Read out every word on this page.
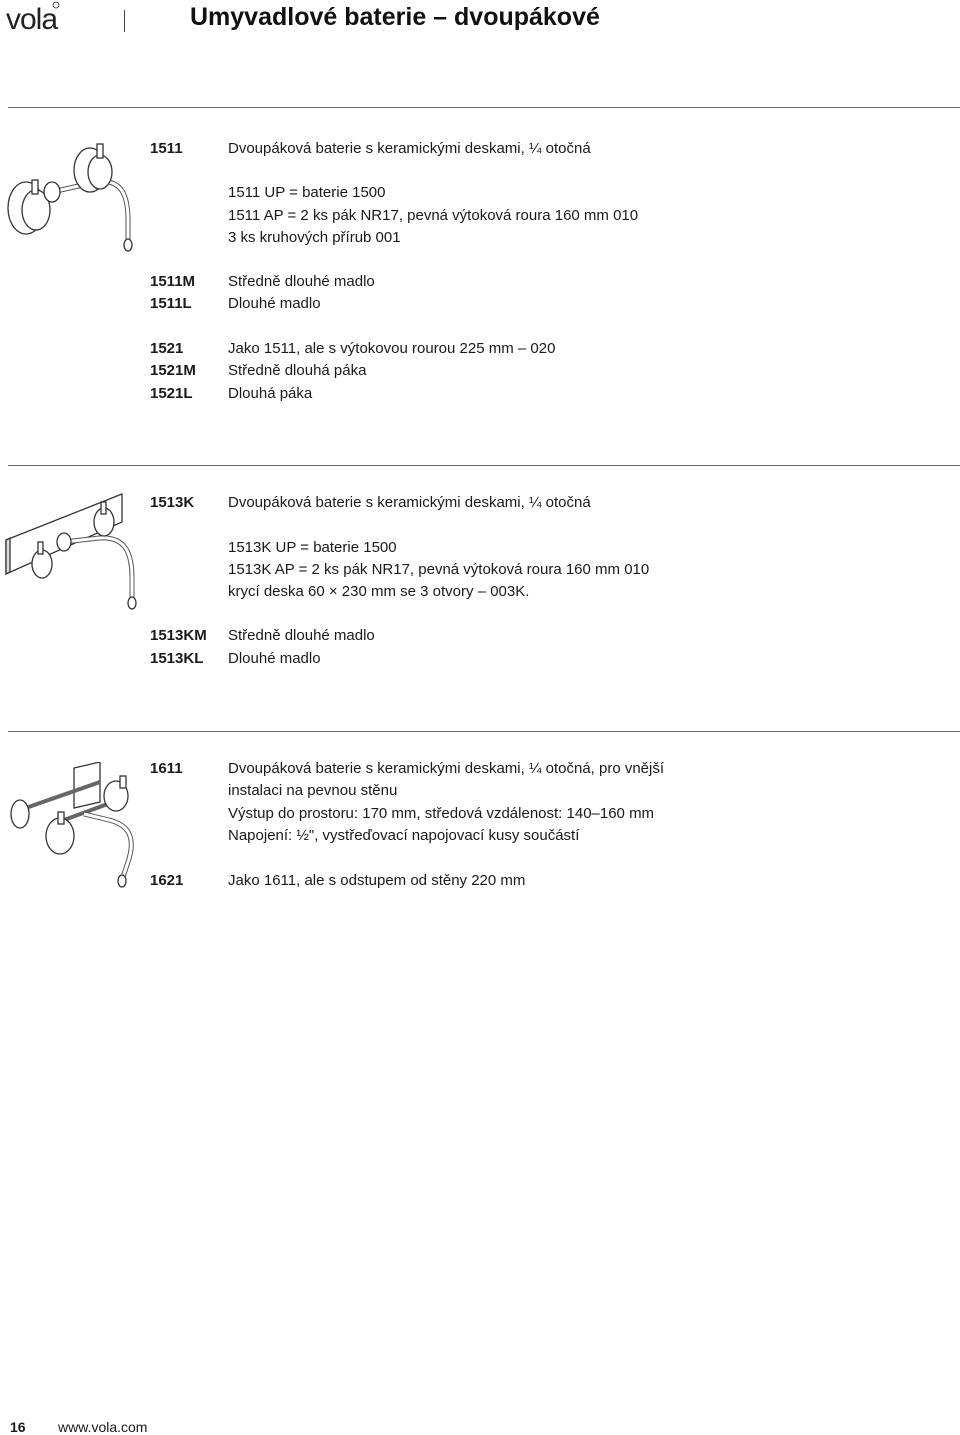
vola	Umyvadlové baterie – dvoupákové
1511	Dvoupáková baterie s keramickými deskami, ¼ otočná
1511 UP = baterie 1500
1511 AP = 2 ks pák NR17, pevná výtoková roura 160 mm 010
3 ks kruhových přírub 001
1511M Středně dlouhé madlo
1511L Dlouhé madlo
1521	Jako 1511, ale s výtokovou rourou 225 mm – 020
1521M Středně dlouhá páka
1521L Dlouhá páka
1513K Dvoupáková baterie s keramickými deskami, ¼ otočná
1513K UP = baterie 1500
1513K AP = 2 ks pák NR17, pevná výtoková roura 160 mm 010
krycí deska 60 × 230 mm se 3 otvory – 003K.
1513KM Středně dlouhé madlo
1513KL Dlouhé madlo
1611	Dvoupáková baterie s keramickými deskami, ¼ otočná, pro vnější
instalaci na pevnou stěnu
Výstup do prostoru: 170 mm, středová vzdálenost: 140–160 mm
Napojení: ½", vystřeďovací napojovací kusy součástí
1621	Jako 1611, ale s odstupem od stěny 220 mm
16 www.vola.com
